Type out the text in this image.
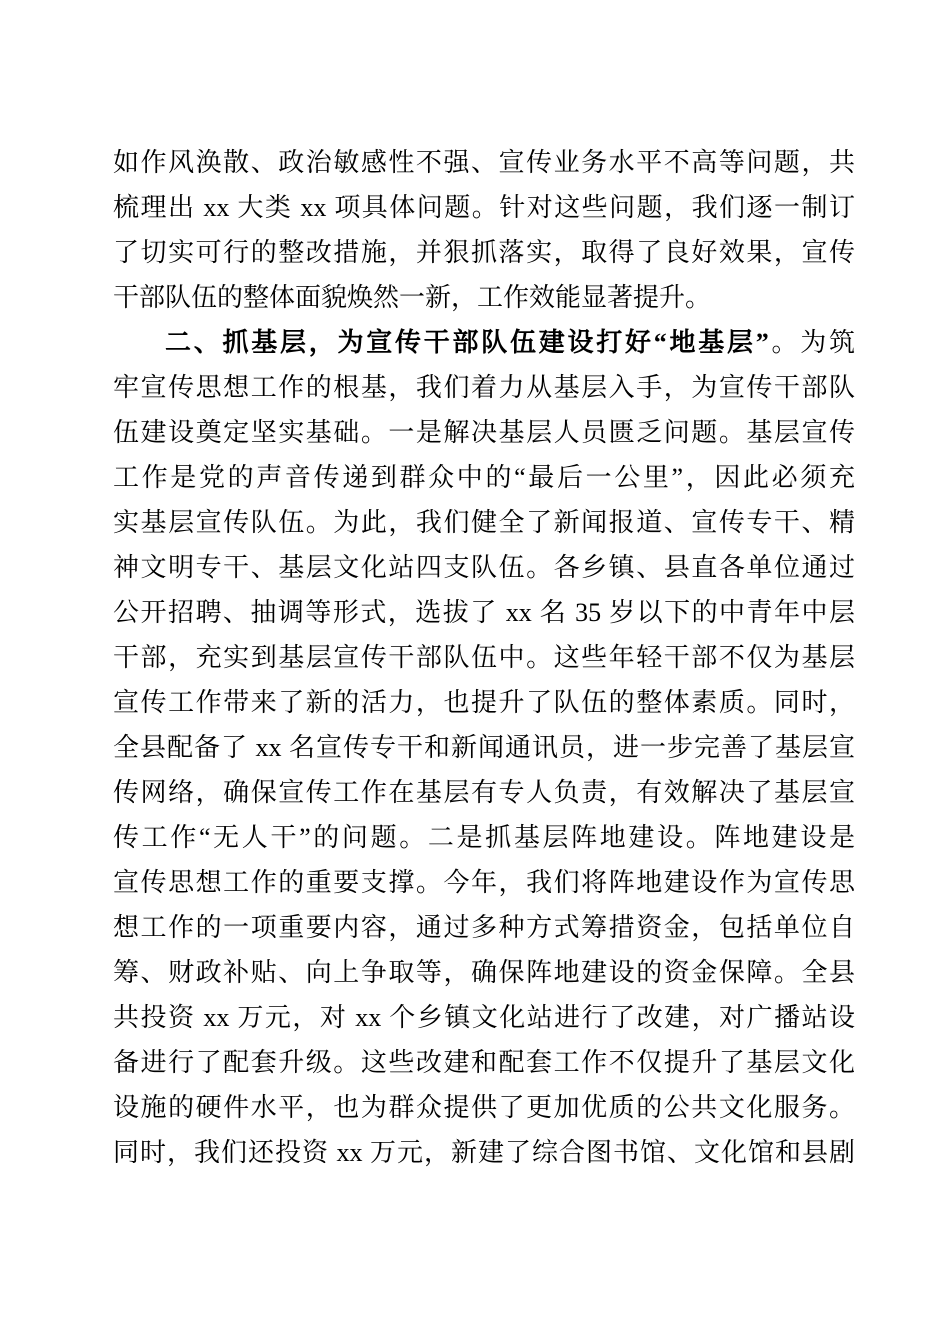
如作风涣散、政治敏感性不强、宣传业务水平不高等问题，共
梳理出 xx 大类 xx 项具体问题。针对这些问题，我们逐一制订
了切实可行的整改措施，并狠抓落实，取得了良好效果，宣传
干部队伍的整体面貌焕然一新，工作效能显著提升。
二、抓基层，为宣传干部队伍建设打好“地基层”。为筑
牢宣传思想工作的根基，我们着力从基层入手，为宣传干部队
伍建设奠定坚实基础。一是解决基层人员匮乏问题。基层宣传
工作是党的声音传递到群众中的“最后一公里”，因此必须充
实基层宣传队伍。为此，我们健全了新闻报道、宣传专干、精
神文明专干、基层文化站四支队伍。各乡镇、县直各单位通过
公开招聘、抽调等形式，选拔了 xx 名 35 岁以下的中青年中层
干部，充实到基层宣传干部队伍中。这些年轻干部不仅为基层
宣传工作带来了新的活力，也提升了队伍的整体素质。同时，
全县配备了 xx 名宣传专干和新闻通讯员，进一步完善了基层宣
传网络，确保宣传工作在基层有专人负责，有效解决了基层宣
传工作“无人干”的问题。二是抓基层阵地建设。阵地建设是
宣传思想工作的重要支撑。今年，我们将阵地建设作为宣传思
想工作的一项重要内容，通过多种方式筹措资金，包括单位自
筹、财政补贴、向上争取等，确保阵地建设的资金保障。全县
共投资 xx 万元，对 xx 个乡镇文化站进行了改建，对广播站设
备进行了配套升级。这些改建和配套工作不仅提升了基层文化
设施的硬件水平，也为群众提供了更加优质的公共文化服务。
同时，我们还投资 xx 万元，新建了综合图书馆、文化馆和县剧
